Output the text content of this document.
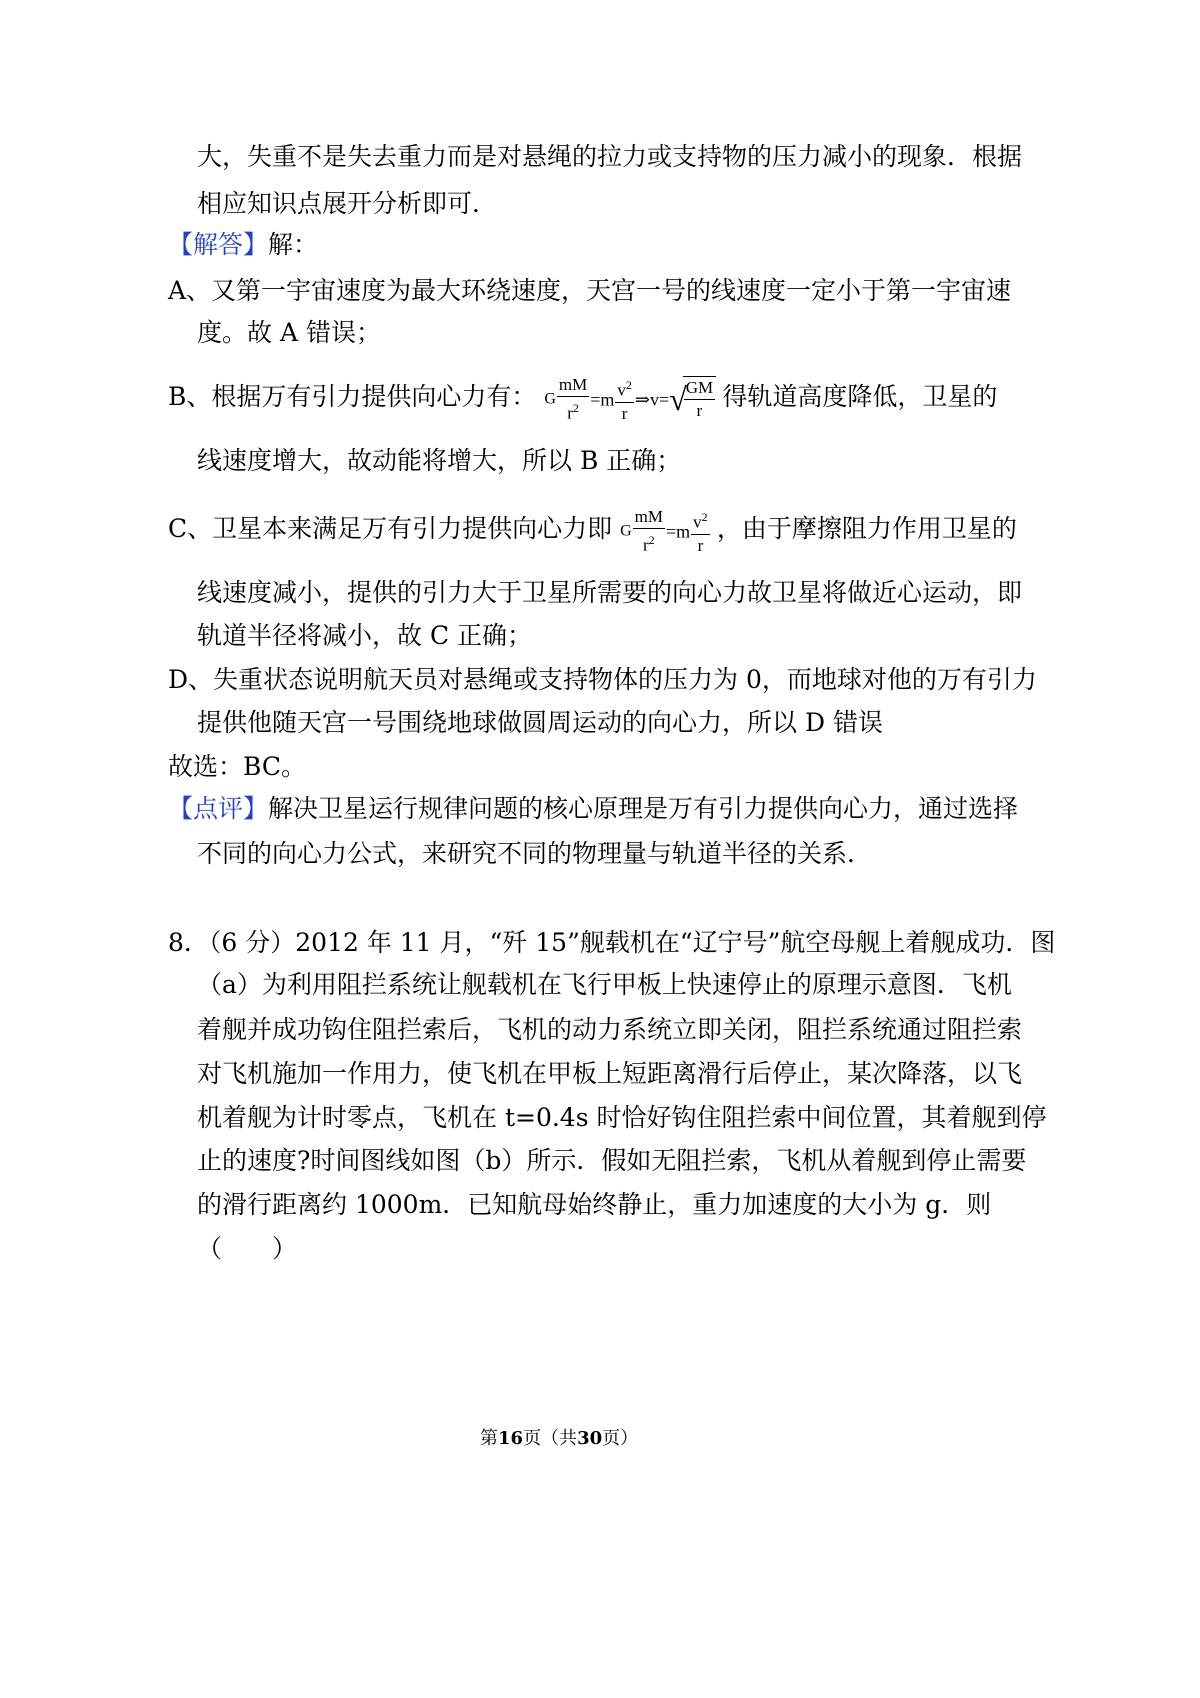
大，失重不是失去重力而是对悬绳的拉力或支持物的压力减小的现象．根据
相应知识点展开分析即可．
【解答】解：
A、又第一宇宙速度为最大环绕速度，天宫一号的线速度一定小于第一宇宙速
度。故 A 错误；
B、根据万有引力提供向心力有： G $\frac{mM}{r^2} =m \frac{v^2}{r}$ ⇒v=√
$\frac{GM}{r}$ 得轨道高度降低，卫星的
线速度增大，故动能将增大，所以 B 正确；
C、卫星本来满足万有引力提供向心力即 G $\frac{mM}{r^2} =m \frac{v^2}{r}$ ，由于摩擦阻力作用卫星的
线速度减小，提供的引力大于卫星所需要的向心力故卫星将做近心运动，即
轨道半径将减小，故 C 正确；
D、失重状态说明航天员对悬绳或支持物体的压力为 0，而地球对他的万有引力
提供他随天宫一号围绕地球做圆周运动的向心力，所以 D 错误
故选：BC。
【点评】解决卫星运行规律问题的核心原理是万有引力提供向心力，通过选择
不同的向心力公式，来研究不同的物理量与轨道半径的关系．
8．（6 分）2012 年 11 月，“歼 15”舰载机在“辽宁号”航空母舰上着舰成功．图
（a）为利用阻拦系统让舰载机在飞行甲板上快速停止的原理示意图．飞机
着舰并成功钩住阻拦索后，飞机的动力系统立即关闭，阻拦系统通过阻拦索
对飞机施加一作用力，使飞机在甲板上短距离滑行后停止，某次降落，以飞
机着舰为计时零点，飞机在 t=0.4s 时恰好钩住阻拦索中间位置，其着舰到停
止的速度?时间图线如图（b）所示．假如无阻拦索，飞机从着舰到停止需要
的滑行距离约 1000m．已知航母始终静止，重力加速度的大小为 g．则
（　　）
第16页（共30页）
